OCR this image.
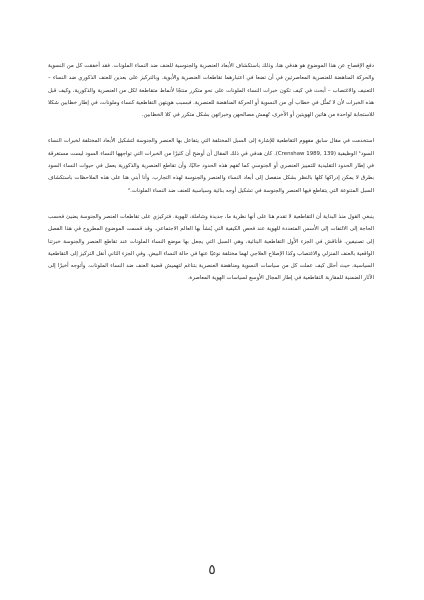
دفع الإفصاح عن هذا الموضوع هو هدفي هنا، وذلك باستكشاف الأبعاد العنصرية والجنوسية للعنف ضد النساء الملونات. فقد أخفقت كل من النسوية والحركة المناهضة للعنصرية المعاصرتين في أن تضعا في اعتبارهما تقاطعات العنصرية والأبوية. وبالتركيز على بعدين للعنف الذكوري ضد النساء – التعنيف والاغتصاب – أبحث في كيف تكون خبرات النساء الملونات على نحو متكرر منتجًا لأنماط متقاطعة لكل من العنصرية والذكورية، وكيف قبل هذه الخبرات لأن لا تُمثَّل في خطاب أي من النسوية أو الحركة المناهضة للعنصرية. فبسبب هويتهن التقاطعية كنساء وملونات، في إطار خطابين شكلا للاستجابة لواحدة من هاتين الهويتين أو الأخرى، تُهمش مصالحهن وخبراتهن بشكل متكرر في كلا الخطابين.

استخدمت في مقال سابق مفهوم التقاطعية للإشارة إلى السبل المختلفة التي يتفاعل بها العنصر والجنوسة لتشكيل الأبعاد المختلفة لخبرات النساء السود¹ الوظيفية (Crenshaw 1989, 139). كان هدفي في ذلك المقال أن أوضح أن كثيرًا من الخبرات التي تواجهها النساء السود ليست مستغرقة في إطار الحدود التقليدية للتمييز العنصري أو الجنوسي كما تُفهم هذه الحدود حاليًا، وأن تقاطع العنصرية والذكورية يعمل في حيوات النساء السود بطرق لا يمكن إدراكها كلها بالنظر بشكل منفصل إلى أبعاد النساء والعنصر والجنوسة لهذه التجارب. وأنا أبني هنا على هذه الملاحظات باستكشاف السبل المتنوعة التي يتقاطع فيها العنصر والجنوسة في تشكيل أوجه بنائية وسياسية للعنف ضد النساء الملونات.²

ينبغي القول منذ البداية أن التقاطعية لا تقدم هنا على أنها نظرية ما، جديدة وشاملة، للهوية. فتركيزي على تقاطعات العنصر والجنوسة يضيئ فحسب الحاجة إلى الالتفات إلى الأسس المتعددة للهوية عند فحص الكيفية التي يُنشأ بها العالم الاجتماعي. وقد قسمت الموضوع المطروح في هذا الفصل إلى تصنيفين. فأناقش في الجزء الأول التقاطعية البنائية، وهي السبل التي يجعل بها موضع النساء الملونات عند تقاطع العنصر والجنوسة خبرتنا الواقعية بالعنف المنزلي والاغتصاب وكذا الإصلاح العلاجي لهما مختلفة نوعيًا عنها في حالة النساء البيض. وفي الجزء الثاني أنقل التركيز إلى التقاطعية السياسية، حيث أحلل كيف عملت كل من سياسات النسوية ومناهضة العنصرية بتناغم لتهميش قضية العنف ضد النساء الملونات. وأتوجه أخيرًا إلى الآثار الضمنية للمقاربة التقاطعية في إطار المجال الأوسع لسياسات الهوية المعاصرة.

٥
